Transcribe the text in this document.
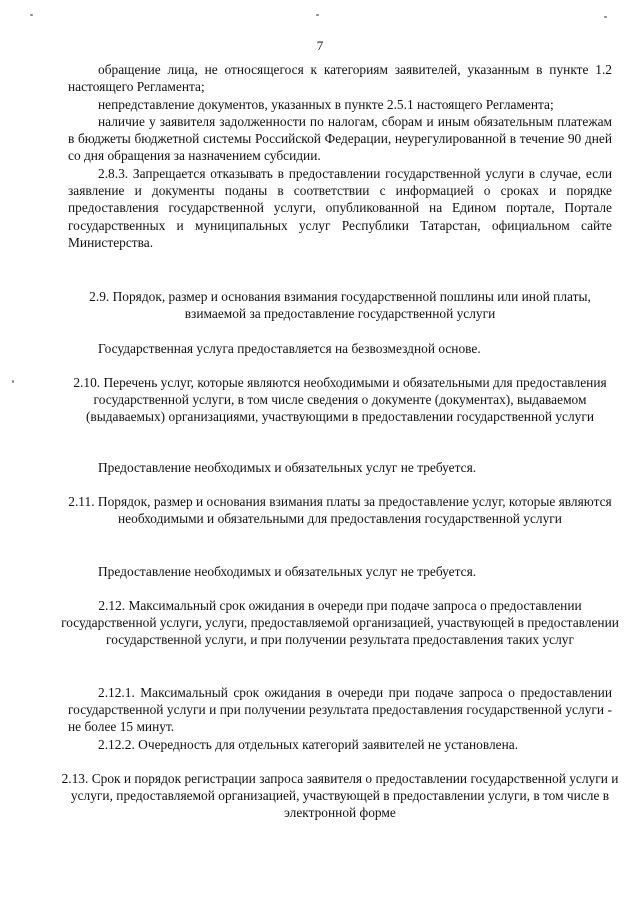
7

обращение лица, не относящегося к категориям заявителей, указанным в пункте 1.2 настоящего Регламента;

непредставление документов, указанных в пункте 2.5.1 настоящего Регламента;

наличие у заявителя задолженности по налогам, сборам и иным обязательным платежам в бюджеты бюджетной системы Российской Федерации, неурегулированной в течение 90 дней со дня обращения за назначением субсидии.

2.8.3. Запрещается отказывать в предоставлении государственной услуги в случае, если заявление и документы поданы в соответствии с информацией о сроках и порядке предоставления государственной услуги, опубликованной на Едином портале, Портале государственных и муниципальных услуг Республики Татарстан, официальном сайте Министерства.

2.9. Порядок, размер и основания взимания государственной пошлины или иной платы, взимаемой за предоставление государственной услуги

Государственная услуга предоставляется на безвозмездной основе.

2.10. Перечень услуг, которые являются необходимыми и обязательными для предоставления государственной услуги, в том числе сведения о документе (документах), выдаваемом (выдаваемых) организациями, участвующими в предоставлении государственной услуги

Предоставление необходимых и обязательных услуг не требуется.

2.11. Порядок, размер и основания взимания платы за предоставление услуг, которые являются необходимыми и обязательными для предоставления государственной услуги

Предоставление необходимых и обязательных услуг не требуется.

2.12. Максимальный срок ожидания в очереди при подаче запроса о предоставлении государственной услуги, услуги, предоставляемой организацией, участвующей в предоставлении государственной услуги, и при получении результата предоставления таких услуг

2.12.1. Максимальный срок ожидания в очереди при подаче запроса о предоставлении государственной услуги и при получении результата предоставления государственной услуги - не более 15 минут.

2.12.2. Очередность для отдельных категорий заявителей не установлена.

2.13. Срок и порядок регистрации запроса заявителя о предоставлении государственной услуги и услуги, предоставляемой организацией, участвующей в предоставлении услуги, в том числе в электронной форме
